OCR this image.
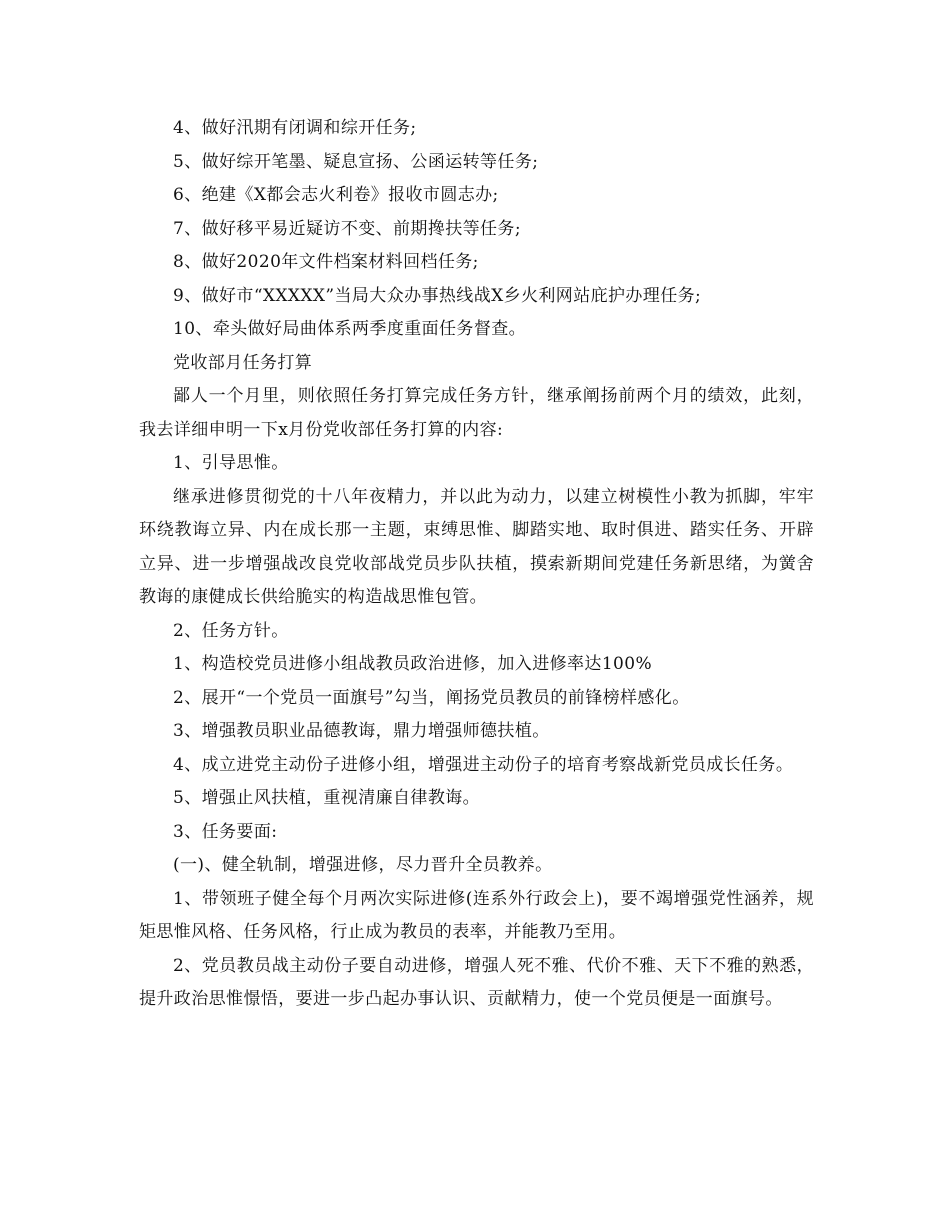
4、做好汛期有闭调和综开任务;

5、做好综开笔墨、疑息宣扬、公函运转等任务;

6、绝建《X都会志火利卷》报收市圆志办;

7、做好移平易近疑访不变、前期搀扶等任务;

8、做好2020年文件档案材料回档任务;

9、做好市“XXXXX”当局大众办事热线战X乡火利网站庇护办理任务;

10、牵头做好局曲体系两季度重面任务督查。

党收部月任务打算

鄙人一个月里，则依照任务打算完成任务方针，继承阐扬前两个月的绩效，此刻，我去详细申明一下x月份党收部任务打算的内容:

1、引导思惟。

继承进修贯彻党的十八年夜精力，并以此为动力，以建立树模性小教为抓脚，牢牢环绕教诲立异、内在成长那一主题，束缚思惟、脚踏实地、取时俱进、踏实任务、开辟立异、进一步增强战改良党收部战党员步队扶植，摸索新期间党建任务新思绪，为黉舍教诲的康健成长供给脆实的构造战思惟包管。

2、任务方针。

1、构造校党员进修小组战教员政治进修，加入进修率达100%

2、展开“一个党员一面旗号”勾当，阐扬党员教员的前锋榜样感化。

3、增强教员职业品德教诲，鼎力增强师德扶植。

4、成立进党主动份子进修小组，增强进主动份子的培育考察战新党员成长任务。

5、增强止风扶植，重视清廉自律教诲。

3、任务要面:

(一)、健全轨制，增强进修，尽力晋升全员教养。

1、带领班子健全每个月两次实际进修(连系外行政会上)，要不竭增强党性涵养，规矩思惟风格、任务风格，行止成为教员的表率，并能教乃至用。

2、党员教员战主动份子要自动进修，增强人死不雅、代价不雅、天下不雅的熟悉，提升政治思惟憬悟，要进一步凸起办事认识、贡献精力，使一个党员便是一面旗号。
